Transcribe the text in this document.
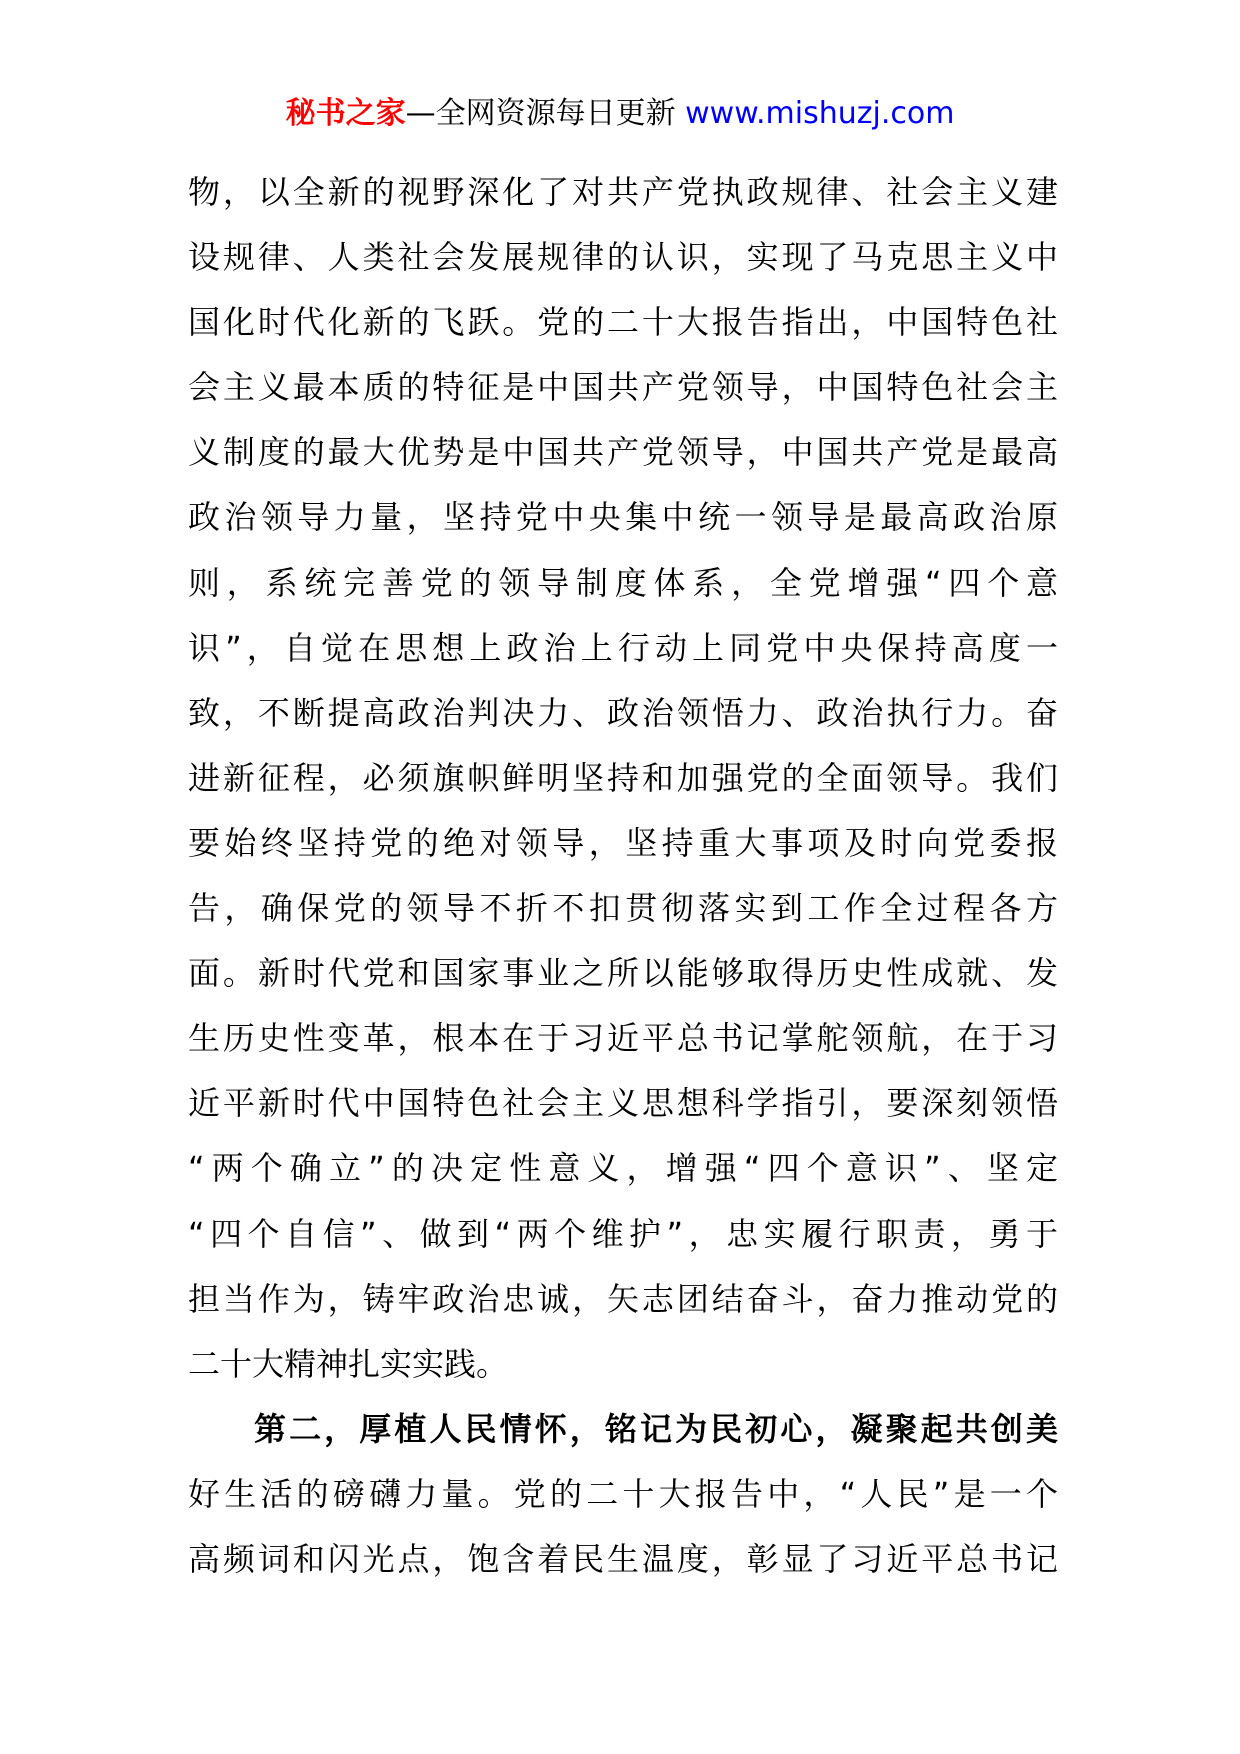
秘书之家—全网资源每日更新 www.mishuzj.com
物，以全新的视野深化了对共产党执政规律、社会主义建
设规律、人类社会发展规律的认识，实现了马克思主义中
国化时代化新的飞跃。党的二十大报告指出，中国特色社
会主义最本质的特征是中国共产党领导，中国特色社会主
义制度的最大优势是中国共产党领导，中国共产党是最高
政治领导力量，坚持党中央集中统一领导是最高政治原
则，系统完善党的领导制度体系，全党增强“四个意
识”，自觉在思想上政治上行动上同党中央保持高度一
致，不断提高政治判决力、政治领悟力、政治执行力。奋
进新征程，必须旗帜鲜明坚持和加强党的全面领导。我们
要始终坚持党的绝对领导，坚持重大事项及时向党委报
告，确保党的领导不折不扣贯彻落实到工作全过程各方
面。新时代党和国家事业之所以能够取得历史性成就、发
生历史性变革，根本在于习近平总书记掌舵领航，在于习
近平新时代中国特色社会主义思想科学指引，要深刻领悟
“两个确立”的决定性意义，增强“四个意识”、坚定
“四个自信”、做到“两个维护”，忠实履行职责，勇于
担当作为，铸牢政治忠诚，矢志团结奋斗，奋力推动党的
二十大精神扎实实践。
第二，厚植人民情怀，铭记为民初心，凝聚起共创美
好生活的磅礴力量。党的二十大报告中，“人民”是一个
高频词和闪光点，饱含着民生温度，彰显了习近平总书记
